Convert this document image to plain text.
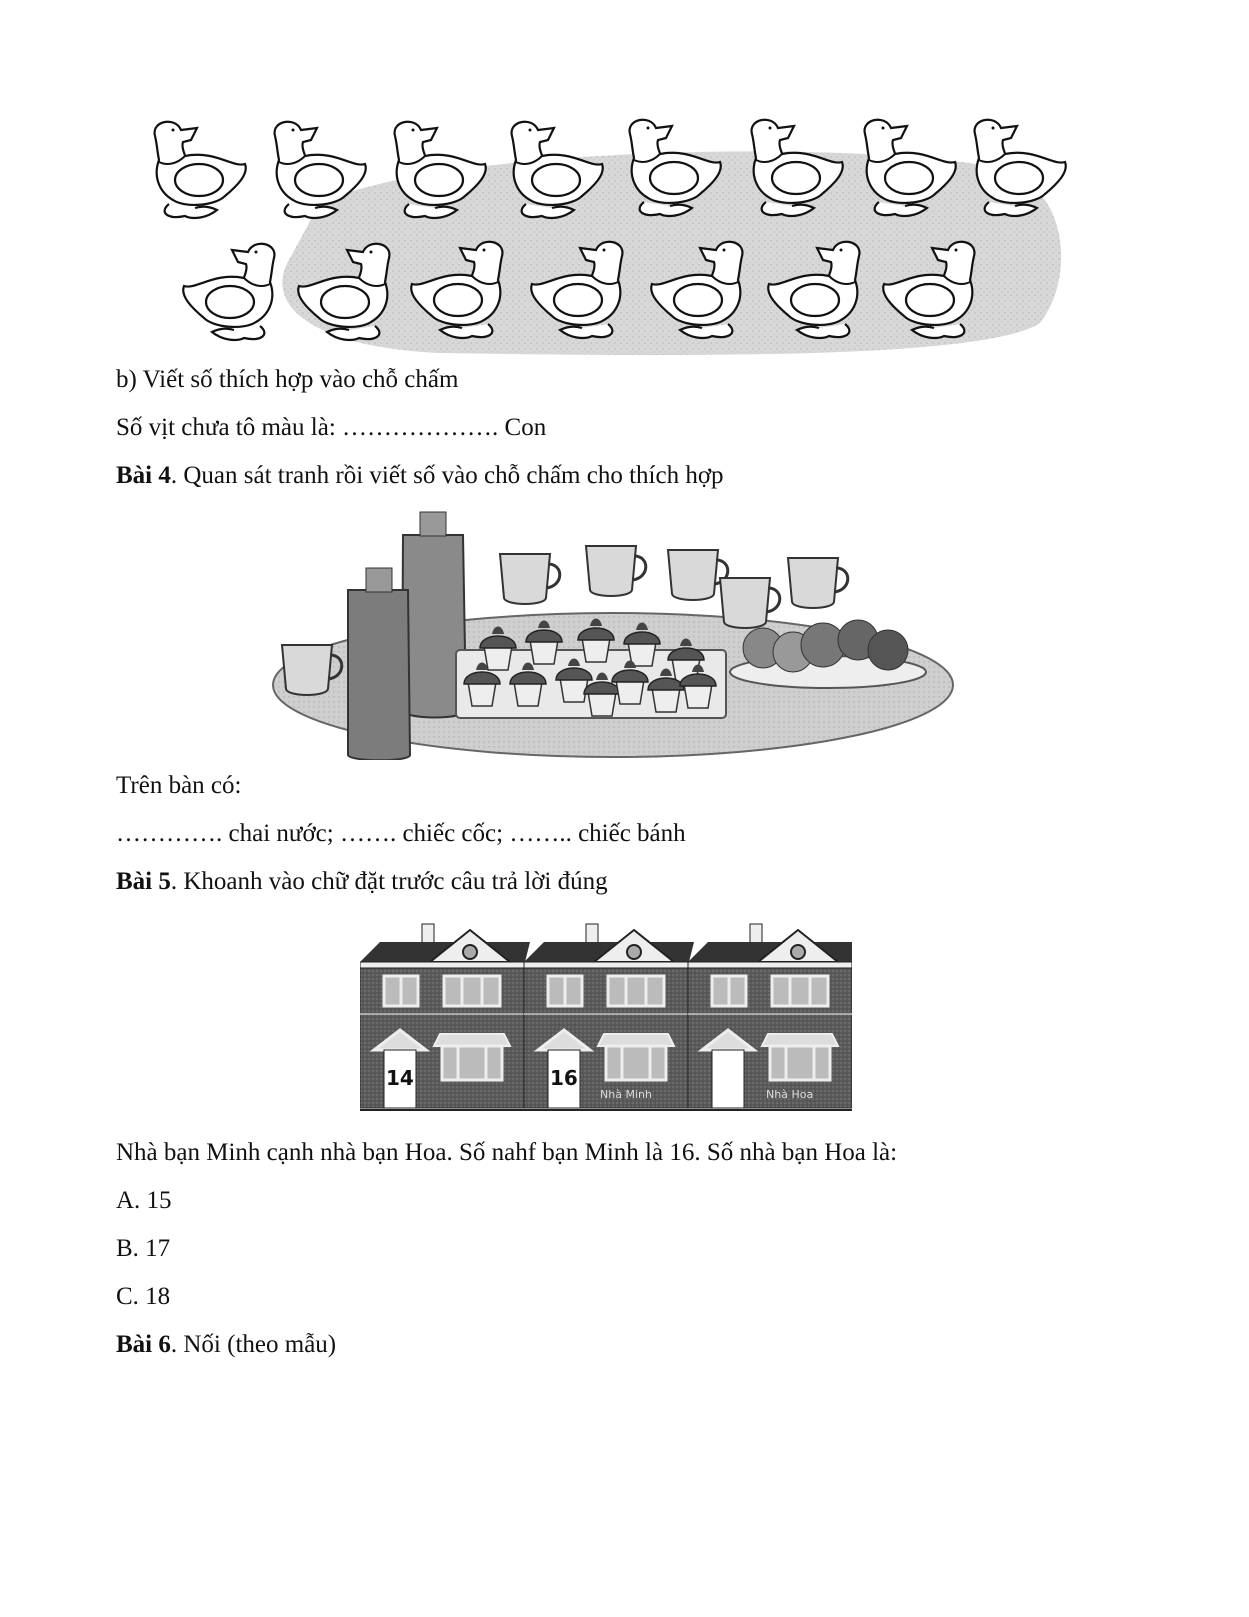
b) Viết số thích hợp vào chỗ chấm
Số vịt chưa tô màu là: ………………. Con
Bài 4. Quan sát tranh rồi viết số vào chỗ chấm cho thích hợp
Trên bàn có:
…………. chai nước; ……. chiếc cốc; …….. chiếc bánh
Bài 5. Khoanh vào chữ đặt trước câu trả lời đúng
14	16
Nhà Minh	Nhà Hoa
Nhà bạn Minh cạnh nhà bạn Hoa. Số nahf bạn Minh là 16. Số nhà bạn Hoa là:
A. 15
B. 17
C. 18
Bài 6. Nối (theo mẫu)
